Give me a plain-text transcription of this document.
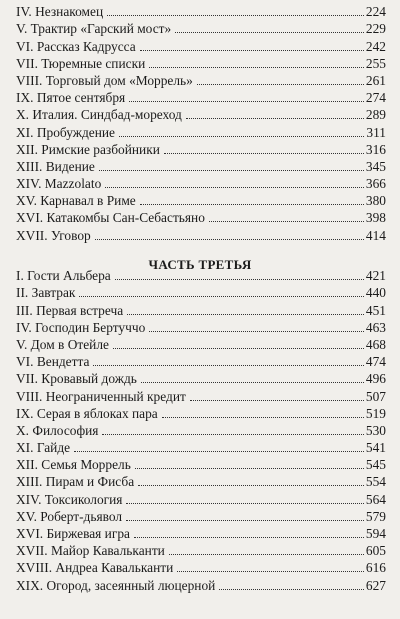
IV. Незнакомец	224
V. Трактир «Гарский мост»	229
VI. Рассказ Кадрусса	242
VII. Тюремные списки	255
VIII. Торговый дом «Моррель»	261
IX. Пятое сентября	274
X. Италия. Синдбад-мореход	289
XI. Пробуждение	311
XII. Римские разбойники	316
XIII. Видение	345
XIV. Mazzolato	366
XV. Карнавал в Риме	380
XVI. Катакомбы Сан-Себастьяно	398
XVII. Уговор	414
ЧАСТЬ ТРЕТЬЯ
I. Гости Альбера	421
II. Завтрак	440
III. Первая встреча	451
IV. Господин Бертуччо	463
V. Дом в Отейле	468
VI. Вендетта	474
VII. Кровавый дождь	496
VIII. Неограниченный кредит	507
IX. Серая в яблоках пара	519
X. Философия	530
XI. Гайде	541
XII. Семья Моррель	545
XIII. Пирам и Фисба	554
XIV. Токсикология	564
XV. Роберт-дьявол	579
XVI. Биржевая игра	594
XVII. Майор Кавальканти	605
XVIII. Андреа Кавальканти	616
XIX. Огород, засеянный люцерной	627
